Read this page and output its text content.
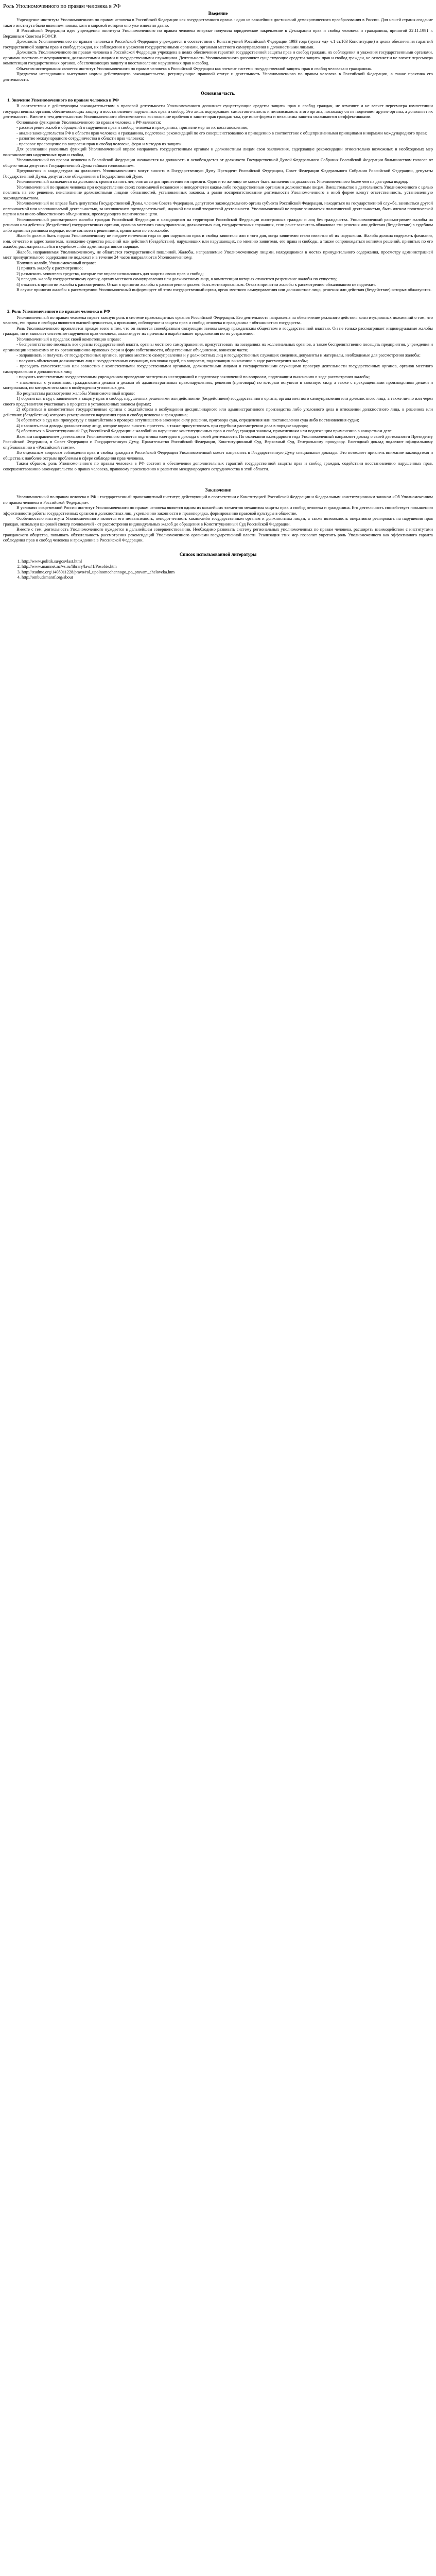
Роль Уполномоченного по правам человека в РФ
Введение

Учреждение института Уполномоченного по правам человека в Российской Федерации как государственного органа - одно из важнейших достижений демократического преобразования в России. Для нашей страны создание такого института было явлением новым, хотя в мировой истории оно уже известно давно.

В Российской Федерации идея учреждения института Уполномоченного по правам человека впервые получила юридическое закрепление в Декларации прав и свобод человека и гражданина, принятой 22.11.1991 г. Верховным Советом РСФСР.

Должность Уполномоченного по правам человека в Российской Федерации учреждается в соответствии с Конституцией Российской Федерации 1993 года (пункт «д» ч.1 ст.103 Конституции) в целях обеспечения гарантий государственной защиты прав и свобод граждан, их соблюдения и уважения государственными органами, органами местного самоуправления и должностными лицами.

Должность Уполномоченного по правам человека в Российской Федерации учреждена в целях обеспечения гарантий государственной защиты прав и свобод граждан, их соблюдения и уважения государственными органами, органами местного самоуправления, должностными лицами и государственными служащими. Деятельность Уполномоченного дополняет существующие средства защиты прав и свобод граждан, не отменяет и не влечет пересмотра компетенции государственных органов, обеспечивающих защиту и восстановление нарушенных прав и свобод.

Объектом исследования является институт Уполномоченного по правам человека в Российской Федерации как элемент системы государственной защиты прав и свобод человека и гражданина.

Предметом исследования выступают нормы действующего законодательства, регулирующие правовой статус и деятельность Уполномоченного по правам человека в Российской Федерации, а также практика его деятельности.

Основная часть.
1. Значение Уполномоченного по правам человека в РФ

В соответствии с действующим законодательством в правовой деятельности Уполномоченного дополняет существующие средства защиты прав и свобод граждан, не отменяет и не влечет пересмотра компетенции государственных органов, обеспечивающих защиту и восстановление нарушенных прав и свобод. Это лишь подчеркивает самостоятельность и независимость этого органа, поскольку он не подменяет другие органы, а дополняет их деятельность. Вместе с тем деятельностью Уполномоченного обеспечивается восполнение пробелов в защите прав граждан там, где иные формы и механизмы защиты оказываются неэффективными.

Основными функциями Уполномоченного по правам человека в РФ являются:

- рассмотрение жалоб и обращений о нарушении прав и свобод человека и гражданина, принятие мер по их восстановлению;

- анализ законодательства РФ в области прав человека и гражданина, подготовка рекомендаций по его совершенствованию и приведению в соответствие с общепризнанными принципами и нормами международного права;

- развитие международного сотрудничества в области прав человека;

- правовое просвещение по вопросам прав и свобод человека, форм и методов их защиты.

Для реализации указанных функций Уполномоченный вправе направлять государственным органам и должностным лицам свои заключения, содержащие рекомендации относительно возможных и необходимых мер восстановления нарушенных прав и свобод.

Уполномоченный по правам человека в Российской Федерации назначается на должность и освобождается от должности Государственной Думой Федерального Собрания Российской Федерации большинством голосов от общего числа депутатов Государственной Думы тайным голосованием.

Предложения о кандидатурах на должность Уполномоченного могут вносить в Государственную Думу Президент Российской Федерации, Совет Федерации Федерального Собрания Российской Федерации, депутаты Государственной Думы, депутатские объединения в Государственной Думе.

Уполномоченный назначается на должность сроком на пять лет, считая со дня принесения им присяги. Одно и то же лицо не может быть назначено на должность Уполномоченного более чем на два срока подряд.

Уполномоченный по правам человека при осуществлении своих полномочий независим и неподотчетен каким-либо государственным органам и должностным лицам. Вмешательство в деятельность Уполномоченного с целью повлиять на его решение, неисполнение должностными лицами обязанностей, установленных законом, а равно воспрепятствование деятельности Уполномоченного в иной форме влекут ответственность, установленную законодательством.

Уполномоченный не вправе быть депутатом Государственной Думы, членом Совета Федерации, депутатом законодательного органа субъекта Российской Федерации, находиться на государственной службе, заниматься другой оплачиваемой или неоплачиваемой деятельностью, за исключением преподавательской, научной или иной творческой деятельности. Уполномоченный не вправе заниматься политической деятельностью, быть членом политической партии или иного общественного объединения, преследующего политические цели.

Уполномоченный рассматривает жалобы граждан Российской Федерации и находящихся на территории Российской Федерации иностранных граждан и лиц без гражданства. Уполномоченный рассматривает жалобы на решения или действия (бездействие) государственных органов, органов местного самоуправления, должностных лиц, государственных служащих, если ранее заявитель обжаловал эти решения или действия (бездействие) в судебном либо административном порядке, но не согласен с решениями, принятыми по его жалобе.

Жалоба должна быть подана Уполномоченному не позднее истечения года со дня нарушения прав и свобод заявителя или с того дня, когда заявителю стало известно об их нарушении. Жалоба должна содержать фамилию, имя, отчество и адрес заявителя, изложение существа решений или действий (бездействия), нарушивших или нарушающих, по мнению заявителя, его права и свободы, а также сопровождаться копиями решений, принятых по его жалобе, рассматривавшейся в судебном либо административном порядке.

Жалоба, направляемая Уполномоченному, не облагается государственной пошлиной. Жалобы, направляемые Уполномоченному лицами, находящимися в местах принудительного содержания, просмотру администрацией мест принудительного содержания не подлежат и в течение 24 часов направляются Уполномоченному.

Получив жалобу, Уполномоченный вправе:

1) принять жалобу к рассмотрению;

2) разъяснить заявителю средства, которые тот вправе использовать для защиты своих прав и свобод;

3) передать жалобу государственному органу, органу местного самоуправления или должностному лицу, к компетенции которых относится разрешение жалобы по существу;

4) отказать в принятии жалобы к рассмотрению. Отказ в принятии жалобы к рассмотрению должен быть мотивированным. Отказ в принятии жалобы к рассмотрению обжалованию не подлежит.

В случае принятия жалобы к рассмотрению Уполномоченный информирует об этом государственный орган, орган местного самоуправления или должностное лицо, решения или действия (бездействие) которых обжалуются.

2. Роль Уполномоченного по правам человека в РФ

Уполномоченный по правам человека играет важную роль в системе правозащитных органов Российской Федерации. Его деятельность направлена на обеспечение реального действия конституционных положений о том, что человек, его права и свободы являются высшей ценностью, а признание, соблюдение и защита прав и свобод человека и гражданина - обязанностью государства.

Роль Уполномоченного проявляется прежде всего в том, что он является своеобразным связующим звеном между гражданским обществом и государственной властью. Он не только рассматривает индивидуальные жалобы граждан, но и выявляет системные нарушения прав человека, анализирует их причины и вырабатывает предложения по их устранению.

Уполномоченный в пределах своей компетенции вправе:

- беспрепятственно посещать все органы государственной власти, органы местного самоуправления, присутствовать на заседаниях их коллегиальных органов, а также беспрепятственно посещать предприятия, учреждения и организации независимо от их организационно-правовых форм и форм собственности, общественные объединения, воинские части;

- запрашивать и получать от государственных органов, органов местного самоуправления и у должностных лиц и государственных служащих сведения, документы и материалы, необходимые для рассмотрения жалобы;

- получать объяснения должностных лиц и государственных служащих, исключая судей, по вопросам, подлежащим выяснению в ходе рассмотрения жалобы;

- проводить самостоятельно или совместно с компетентными государственными органами, должностными лицами и государственными служащими проверку деятельности государственных органов, органов местного самоуправления и должностных лиц;

- поручать компетентным государственным учреждениям проведение экспертных исследований и подготовку заключений по вопросам, подлежащим выяснению в ходе рассмотрения жалобы;

- знакомиться с уголовными, гражданскими делами и делами об административных правонарушениях, решения (приговоры) по которым вступили в законную силу, а также с прекращенными производством делами и материалами, по которым отказано в возбуждении уголовных дел.

По результатам рассмотрения жалобы Уполномоченный вправе:

1) обратиться в суд с заявлением в защиту прав и свобод, нарушенных решениями или действиями (бездействием) государственного органа, органа местного самоуправления или должностного лица, а также лично или через своего представителя участвовать в процессе в установленных законом формах;

2) обратиться в компетентные государственные органы с ходатайством о возбуждении дисциплинарного или административного производства либо уголовного дела в отношении должностного лица, в решениях или действиях (бездействии) которого усматриваются нарушения прав и свобод человека и гражданина;

3) обратиться в суд или прокуратуру с ходатайством о проверке вступившего в законную силу решения, приговора суда, определения или постановления суда либо постановления судьи;

4) изложить свои доводы должностному лицу, которое вправе вносить протесты, а также присутствовать при судебном рассмотрении дела в порядке надзора;

5) обратиться в Конституционный Суд Российской Федерации с жалобой на нарушение конституционных прав и свобод граждан законом, примененным или подлежащим применению в конкретном деле.

Важным направлением деятельности Уполномоченного является подготовка ежегодного доклада о своей деятельности. По окончании календарного года Уполномоченный направляет доклад о своей деятельности Президенту Российской Федерации, в Совет Федерации и Государственную Думу, Правительство Российской Федерации, Конституционный Суд, Верховный Суд, Генеральному прокурору. Ежегодный доклад подлежит официальному опубликованию в «Российской газете».

По отдельным вопросам соблюдения прав и свобод граждан в Российской Федерации Уполномоченный может направлять в Государственную Думу специальные доклады. Это позволяет привлечь внимание законодателя и общества к наиболее острым проблемам в сфере соблюдения прав человека.

Таким образом, роль Уполномоченного по правам человека в РФ состоит в обеспечении дополнительных гарантий государственной защиты прав и свобод граждан, содействии восстановлению нарушенных прав, совершенствованию законодательства о правах человека, правовому просвещению и развитию международного сотрудничества в этой области.

Заключение

Уполномоченный по правам человека в РФ - государственный правозащитный институт, действующий в соответствии с Конституцией Российской Федерации и Федеральным конституционным законом «Об Уполномоченном по правам человека в Российской Федерации».

В условиях современной России институт Уполномоченного по правам человека является одним из важнейших элементов механизма защиты прав и свобод человека и гражданина. Его деятельность способствует повышению эффективности работы государственных органов и должностных лиц, укреплению законности и правопорядка, формированию правовой культуры в обществе.

Особенностью института Уполномоченного является его независимость, неподотчетность каким-либо государственным органам и должностным лицам, а также возможность оперативно реагировать на нарушения прав граждан, используя широкий спектр полномочий - от рассмотрения индивидуальных жалоб до обращения в Конституционный Суд Российской Федерации.

Вместе с тем, деятельность Уполномоченного нуждается в дальнейшем совершенствовании. Необходимо развивать систему региональных уполномоченных по правам человека, расширять взаимодействие с институтами гражданского общества, повышать обязательность рассмотрения рекомендаций Уполномоченного органами государственной власти. Реализация этих мер позволит укрепить роль Уполномоченного как эффективного гаранта соблюдения прав и свобод человека и гражданина в Российской Федерации.

Список использованной литературы
1. http://www.politik.su/gosvlast.html
2. http://www.mamnet.nc/vs.ru/library/law/rf/Posobie.htm
3. http://studme.org/1408011228/pravo/rol_upolnomochennogo_po_pravam_cheloveka.htm
4. http://ombudsmanrf.org/about
